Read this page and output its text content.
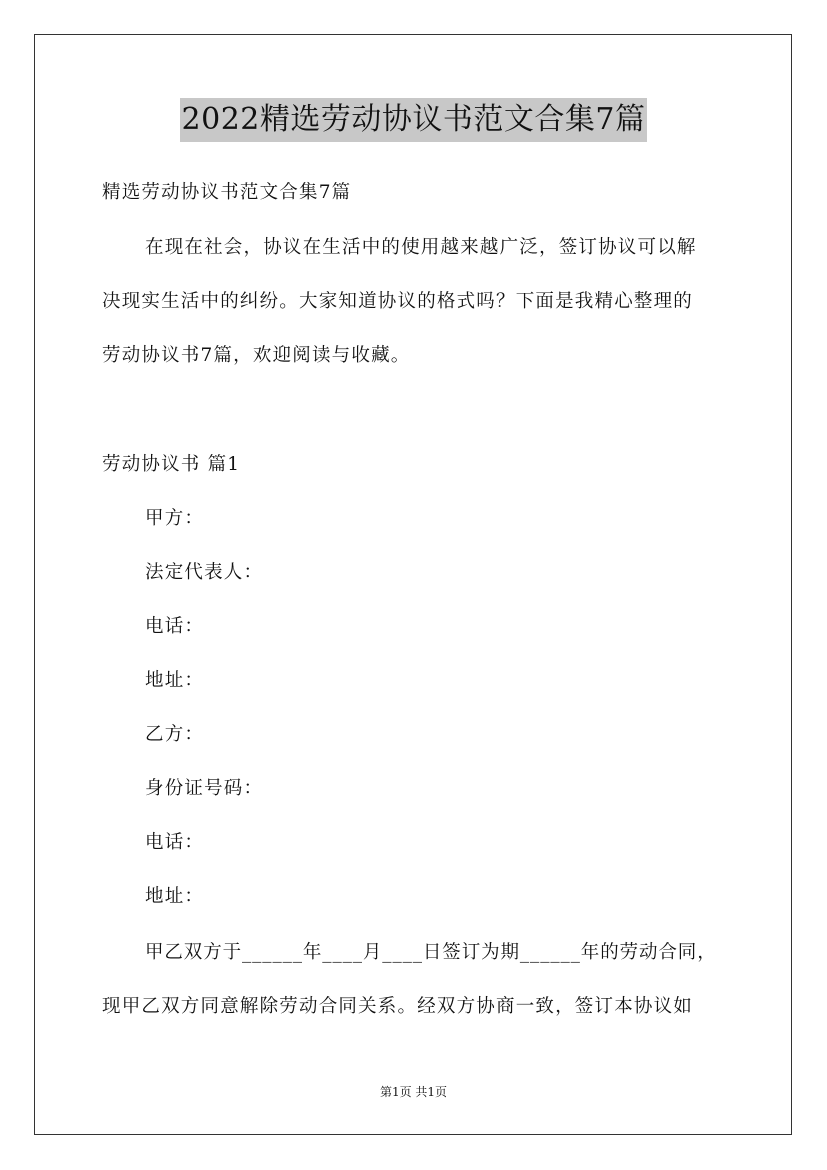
2022精选劳动协议书范文合集7篇

精选劳动协议书范文合集7篇

在现在社会，协议在生活中的使用越来越广泛，签订协议可以解

决现实生活中的纠纷。大家知道协议的格式吗？下面是我精心整理的

劳动协议书7篇，欢迎阅读与收藏。

劳动协议书 篇1

甲方：

法定代表人：

电话：

地址：

乙方：

身份证号码：

电话：

地址：

甲乙双方于______年____月____日签订为期______年的劳动合同，

现甲乙双方同意解除劳动合同关系。经双方协商一致，签订本协议如

第1页 共1页
